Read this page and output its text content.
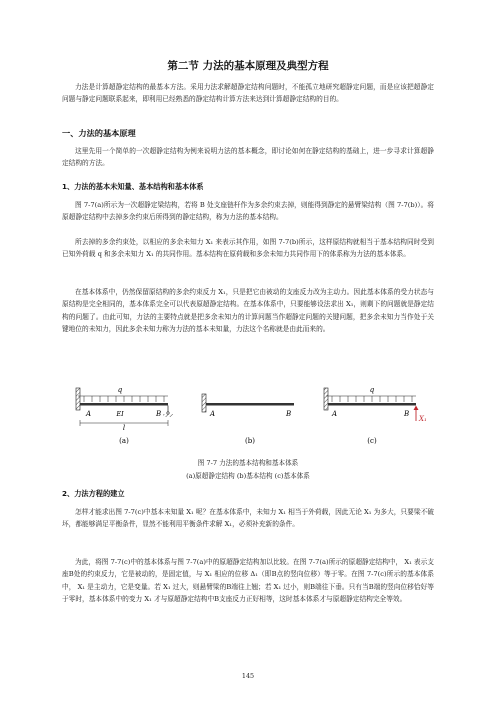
第二节 力法的基本原理及典型方程
力法是计算超静定结构的最基本方法。采用力法求解超静定结构问题时，不能孤立地研究超静定问题，而是应该把超静定问题与静定问题联系起来，即利用已经熟悉的静定结构计算方法来达到计算超静定结构的目的。
一、力法的基本原理
这里先用一个简单的一次超静定结构为例来说明力法的基本概念，即讨论如何在静定结构的基础上，进一步寻求计算超静定结构的方法。
1、力法的基本未知量、基本结构和基本体系
图 7-7(a)所示为一次超静定梁结构，若将 B 处支座链杆作为多余约束去掉，则能得到静定的悬臂梁结构（图 7-7(b)）。将原超静定结构中去掉多余约束后所得到的静定结构，称为力法的基本结构。
所去掉的多余约束处，以相应的多余未知力 X₁ 来表示其作用，如图 7-7(b)所示，这样原结构就相当于基本结构同时受到已知外荷载 q 和多余未知力 X₁ 的共同作用。基本结构在原荷载和多余未知力共同作用下的体系称为力法的基本体系。
在基本体系中，仍然保留原结构的多余约束反力 X₁，只是把它由被动的支座反力改为主动力。因此基本体系的受力状态与原结构是完全相同的，基本体系完全可以代表原超静定结构。在基本体系中，只要能够设法求出 X₁，则剩下的问题就是静定结构的问题了。由此可知，力法的主要特点就是把多余未知力的计算问题当作超静定问题的关键问题，把多余未知力当作处于关键地位的未知力，因此多余未知力称为力法的基本未知量，力法这个名称就是由此而来的。
q
A	EI	B
l
(a)
A	B
(b)
q
A	B
X₁
(c)
图 7-7 力法的基本结构和基本体系
(a)原超静定结构 (b)基本结构 (c)基本体系
2、力法方程的建立
怎样才能求出图 7-7(c)中基本未知量 X₁ 呢？在基本体系中，未知力 X₁ 相当于外荷载，因此无论 X₁ 为多大，只要梁不破坏，都能够满足平衡条件，显然不能利用平衡条件求解 X₁，必须补充新的条件。
为此，将图 7-7(c)中的基本体系与图 7-7(a)中的原超静定结构加以比较。在图 7-7(a)所示的原超静定结构中， X₁ 表示支座B处的约束反力，它是被动的，是固定值，与 X₁ 相应的位移 Δ₁（即B点的竖向位移）等于零。在图 7-7(c)所示的基本体系中， X₁ 是主动力，它是变量。若 X₁ 过大，则悬臂梁的B端往上翘；若 X₁ 过小，则B端往下垂。只有当B端的竖向位移恰好等于零时，基本体系中的变力 X₁ 才与原超静定结构中B支座反力正好相等，这时基本体系才与原超静定结构完全等效。
145
